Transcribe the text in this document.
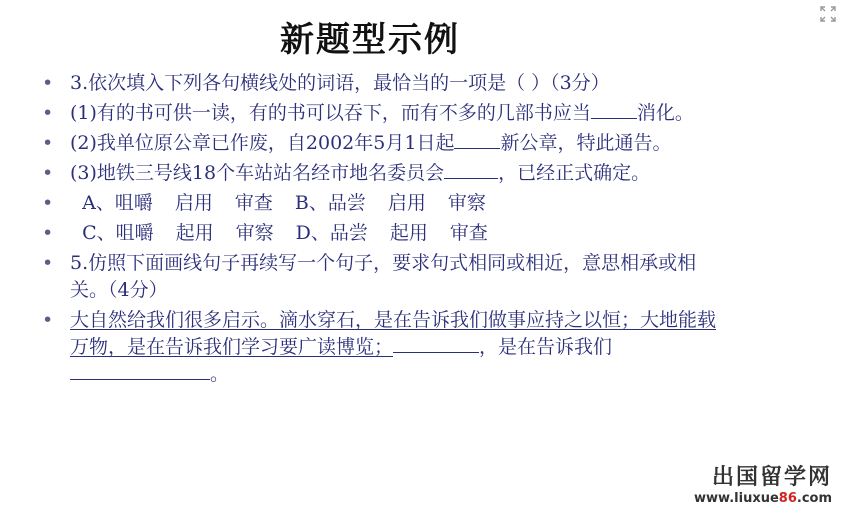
新题型示例
• 3.依次填入下列各句横线处的词语，最恰当的一项是（ ）（3分）
• (1)有的书可供一读，有的书可以吞下，而有不多的几部书应当 消化。
• (2)我单位原公章已作废，自2002年5月1日起 新公章，特此通告。
• (3)地铁三号线18个车站站名经市地名委员会	，已经正式确定。
• A、咀嚼 启用 审查 B、品尝 启用 审察
• C、咀嚼 起用 审察 D、品尝 起用 审查
• 5.仿照下面画线句子再续写一个句子，要求句式相同或相近，意思相承或相关。（4分）
• 大自然给我们很多启示。滴水穿石，是在告诉我们做事应持之以恒；大地能载万物，是在告诉我们学习要广读博览；	，是在告诉我们。
出国留学网
www.liuxue86.com
